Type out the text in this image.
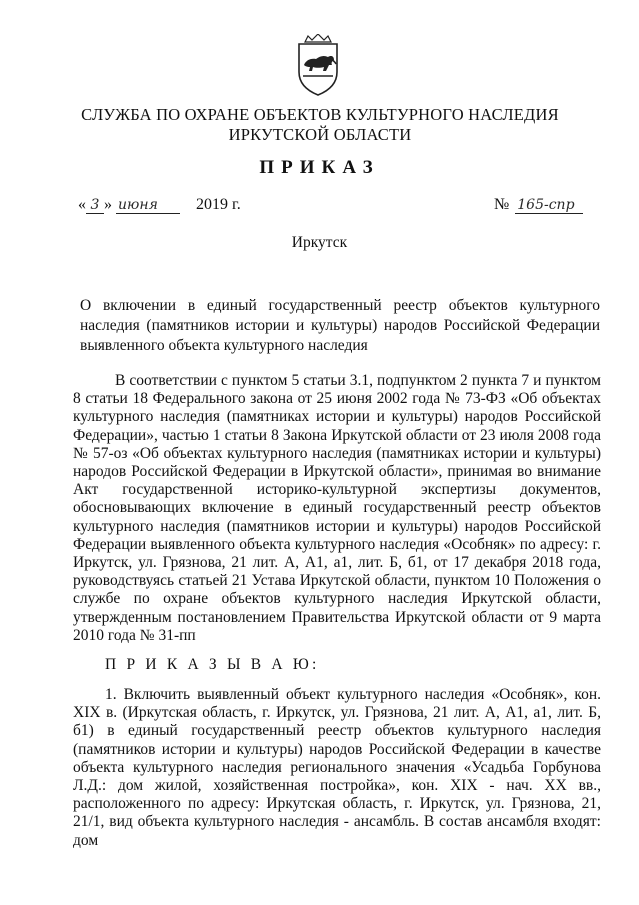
СЛУЖБА ПО ОХРАНЕ ОБЪЕКТОВ КУЛЬТУРНОГО НАСЛЕДИЯ ИРКУТСКОЙ ОБЛАСТИ
ПРИКАЗ
« 3 » июня	2019 г.	№ 165-спр
Иркутск
О включении в единый государственный реестр объектов культурного наследия (памятников истории и культуры) народов Российской Федерации выявленного объекта культурного наследия
В соответствии с пунктом 5 статьи 3.1, подпунктом 2 пункта 7 и пунктом 8 статьи 18 Федерального закона от 25 июня 2002 года № 73-ФЗ «Об объектах культурного наследия (памятниках истории и культуры) народов Российской Федерации», частью 1 статьи 8 Закона Иркутской области от 23 июля 2008 года № 57-оз «Об объектах культурного наследия (памятниках истории и культуры) народов Российской Федерации в Иркутской области», принимая во внимание Акт государственной историко-культурной экспертизы документов, обосновывающих включение в единый государственный реестр объектов культурного наследия (памятников истории и культуры) народов Российской Федерации выявленного объекта культурного наследия «Особняк» по адресу: г. Иркутск, ул. Грязнова, 21 лит. А, А1, а1, лит. Б, б1, от 17 декабря 2018 года, руководствуясь статьей 21 Устава Иркутской области, пунктом 10 Положения о службе по охране объектов культурного наследия Иркутской области, утвержденным постановлением Правительства Иркутской области от 9 марта 2010 года № 31-пп
П Р И К А З Ы В А Ю:
1. Включить выявленный объект культурного наследия «Особняк», кон. XIX в. (Иркутская область, г. Иркутск, ул. Грязнова, 21 лит. А, А1, а1, лит. Б, б1) в единый государственный реестр объектов культурного наследия (памятников истории и культуры) народов Российской Федерации в качестве объекта культурного наследия регионального значения «Усадьба Горбунова Л.Д.: дом жилой, хозяйственная постройка», кон. XIX - нач. XX вв., расположенного по адресу: Иркутская область, г. Иркутск, ул. Грязнова, 21, 21/1, вид объекта культурного наследия - ансамбль. В состав ансамбля входят: дом
